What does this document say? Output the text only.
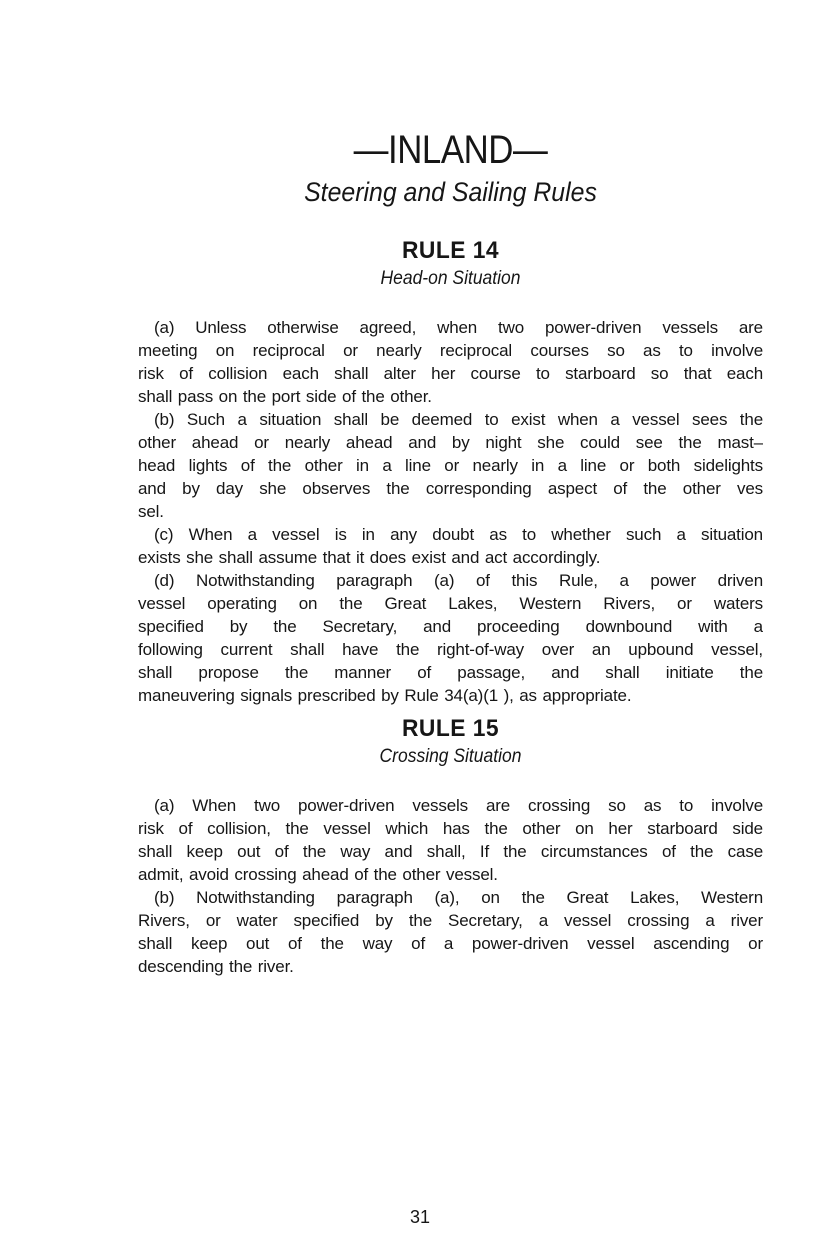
—INLAND—
Steering and Sailing Rules
RULE 14
Head-on Situation
(a) Unless otherwise agreed, when two power-driven vessels are
meeting on reciprocal or nearly reciprocal courses so as to involve
risk of collision each shall alter her course to starboard so that each
shall pass on the port side of the other.
(b) Such a situation shall be deemed to exist when a vessel sees the
other ahead or nearly ahead and by night she could see the mast–
head lights of the other in a line or nearly in a line or both sidelights
and by day she observes the corresponding aspect of the other ves
sel.
(c) When a vessel is in any doubt as to whether such a situation
exists she shall assume that it does exist and act accordingly.
(d) Notwithstanding paragraph (a) of this Rule, a power driven
vessel operating on the Great Lakes, Western Rivers, or waters
specified by the Secretary, and proceeding downbound with a
following current shall have the right-of-way over an upbound vessel,
shall propose the manner of passage, and shall initiate the
maneuvering signals prescribed by Rule 34(a)(1 ), as appropriate.
RULE 15
Crossing Situation
(a) When two power-driven vessels are crossing so as to involve
risk of collision, the vessel which has the other on her starboard side
shall keep out of the way and shall, If the circumstances of the case
admit, avoid crossing ahead of the other vessel.
(b) Notwithstanding paragraph (a), on the Great Lakes, Western
Rivers, or water specified by the Secretary, a vessel crossing a river
shall keep out of the way of a power-driven vessel ascending or
descending the river.
31
